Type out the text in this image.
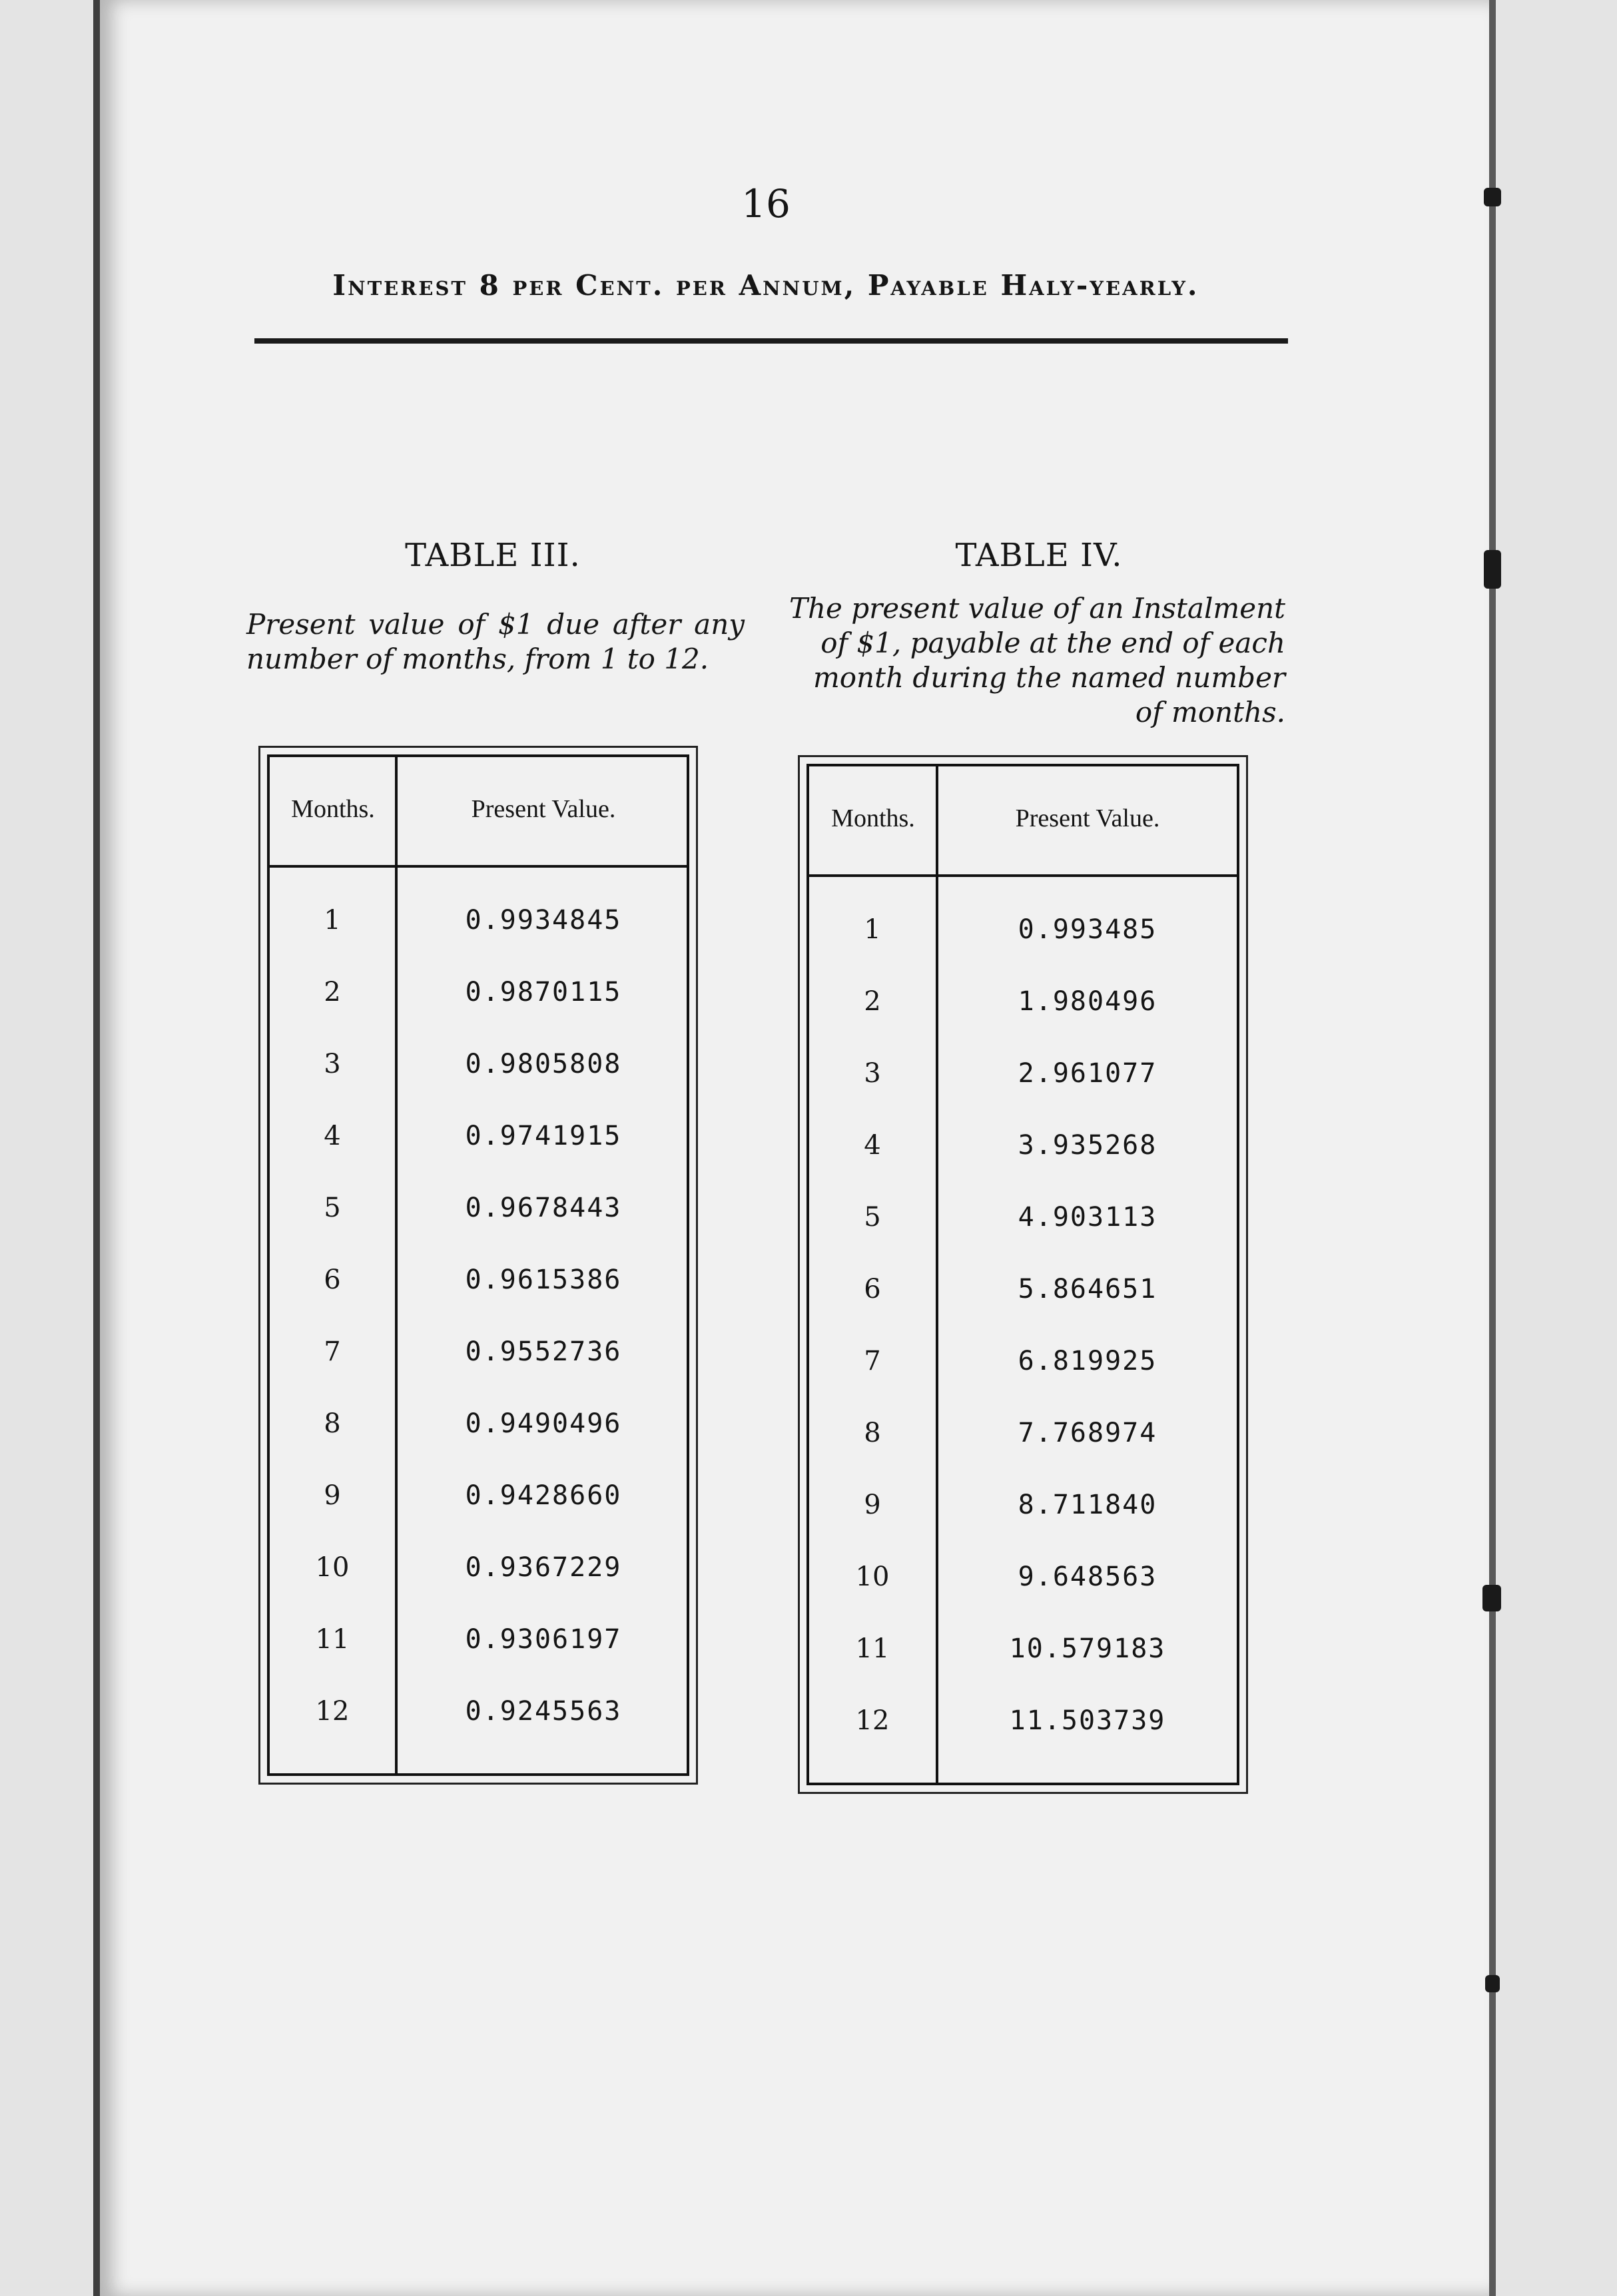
16
Interest 8 per Cent. per Annum, Payable Haly-yearly.
TABLE III.
Present value of $1 due after any number of months, from 1 to 12.
Months.	Present Value.
1	0.9934845
2	0.9870115
3	0.9805808
4	0.9741915
5	0.9678443
6	0.9615386
7	0.9552736
8	0.9490496
9	0.9428660
10	0.9367229
11	0.9306197
12	0.9245563
TABLE IV.
The present value of an Instalment of $1, payable at the end of each month during the named number of months.
Months.	Present Value.
1	0.993485
2	1.980496
3	2.961077
4	3.935268
5	4.903113
6	5.864651
7	6.819925
8	7.768974
9	8.711840
10	9.648563
11	10.579183
12	11.503739
